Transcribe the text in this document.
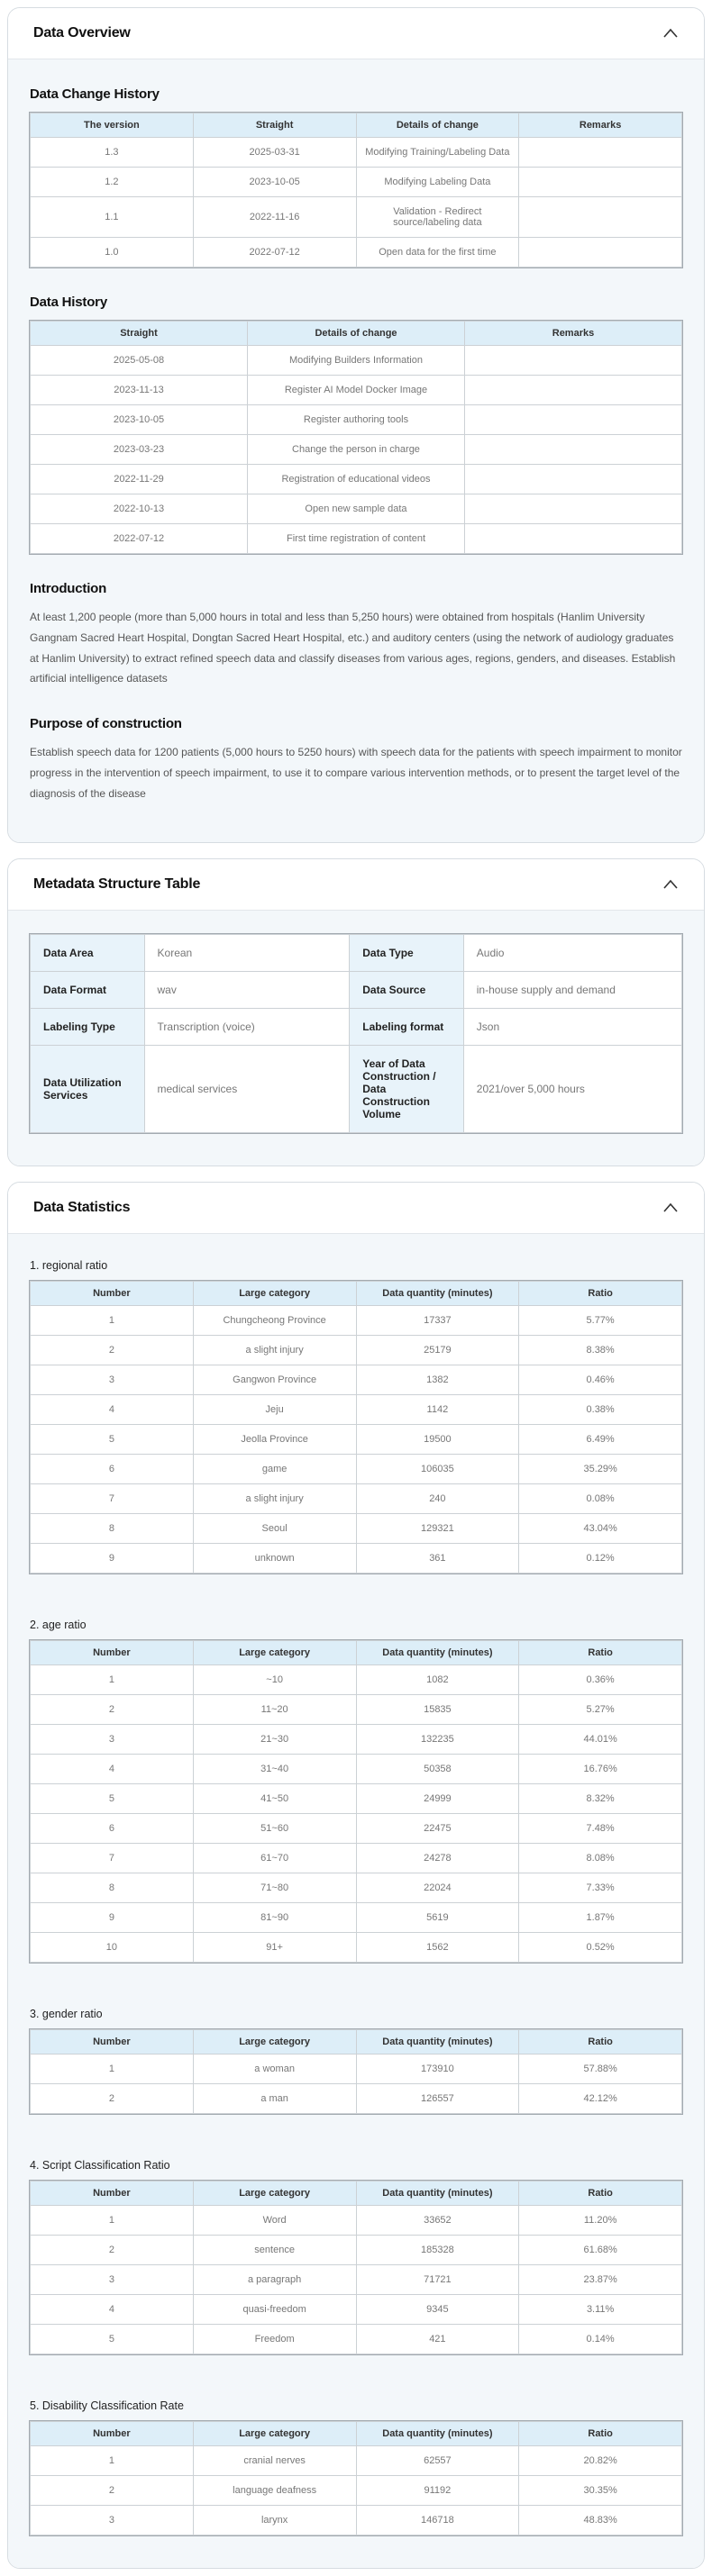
Data Overview
Data Change History
The version	Straight	Details of change	Remarks
1.3	2025-03-31	Modifying Training/Labeling Data	
1.2	2023-10-05	Modifying Labeling Data	
1.1	2022-11-16	Validation - Redirect source/labeling data	
1.0	2022-07-12	Open data for the first time	
Data History
Straight	Details of change	Remarks
2025-05-08	Modifying Builders Information	
2023-11-13	Register AI Model Docker Image	
2023-10-05	Register authoring tools	
2023-03-23	Change the person in charge	
2022-11-29	Registration of educational videos	
2022-10-13	Open new sample data	
2022-07-12	First time registration of content	
Introduction

At least 1,200 people (more than 5,000 hours in total and less than 5,250 hours) were obtained from hospitals (Hanlim University Gangnam Sacred Heart Hospital, Dongtan Sacred Heart Hospital, etc.) and auditory centers (using the network of audiology graduates at Hanlim University) to extract refined speech data and classify diseases from various ages, regions, genders, and diseases. Establish artificial intelligence datasets

Purpose of construction

Establish speech data for 1200 patients (5,000 hours to 5250 hours) with speech data for the patients with speech impairment to monitor progress in the intervention of speech impairment, to use it to compare various intervention methods, or to present the target level of the diagnosis of the disease

Metadata Structure Table
Data Area	Korean	Data Type	Audio
Data Format	wav	Data Source	in-house supply and demand
Labeling Type	Transcription (voice)	Labeling format	Json
Data Utilization Services	medical services	Year of Data Construction / Data Construction Volume	2021/over 5,000 hours
Data Statistics

1. regional ratio

Number	Large category	Data quantity (minutes)	Ratio
1	Chungcheong Province	17337	5.77%
2	a slight injury	25179	8.38%
3	Gangwon Province	1382	0.46%
4	Jeju	1142	0.38%
5	Jeolla Province	19500	6.49%
6	game	106035	35.29%
7	a slight injury	240	0.08%
8	Seoul	129321	43.04%
9	unknown	361	0.12%

2. age ratio

Number	Large category	Data quantity (minutes)	Ratio
1	~10	1082	0.36%
2	11~20	15835	5.27%
3	21~30	132235	44.01%
4	31~40	50358	16.76%
5	41~50	24999	8.32%
6	51~60	22475	7.48%
7	61~70	24278	8.08%
8	71~80	22024	7.33%
9	81~90	5619	1.87%
10	91+	1562	0.52%

3. gender ratio

Number	Large category	Data quantity (minutes)	Ratio
1	a woman	173910	57.88%
2	a man	126557	42.12%

4. Script Classification Ratio

Number	Large category	Data quantity (minutes)	Ratio
1	Word	33652	11.20%
2	sentence	185328	61.68%
3	a paragraph	71721	23.87%
4	quasi-freedom	9345	3.11%
5	Freedom	421	0.14%

5. Disability Classification Rate

Number	Large category	Data quantity (minutes)	Ratio
1	cranial nerves	62557	20.82%
2	language deafness	91192	30.35%
3	larynx	146718	48.83%
